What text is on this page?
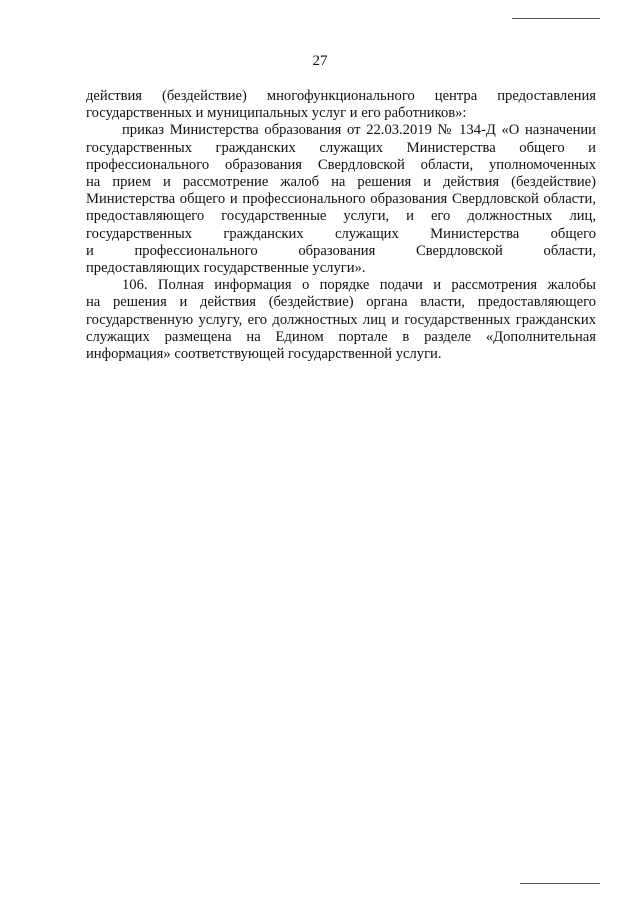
27
действия (бездействие) многофункционального центра предоставления
государственных и муниципальных услуг и его работников»:
приказ Министерства образования от 22.03.2019 № 134-Д «О назначении
государственных гражданских служащих Министерства общего и
профессионального образования Свердловской области, уполномоченных
на прием и рассмотрение жалоб на решения и действия (бездействие)
Министерства общего и профессионального образования Свердловской области,
предоставляющего государственные услуги, и его должностных лиц,
государственных гражданских служащих Министерства общего
и профессионального образования Свердловской области,
предоставляющих государственные услуги».
106. Полная информация о порядке подачи и рассмотрения жалобы
на решения и действия (бездействие) органа власти, предоставляющего
государственную услугу, его должностных лиц и государственных гражданских
служащих размещена на Едином портале в разделе «Дополнительная
информация» соответствующей государственной услуги.
